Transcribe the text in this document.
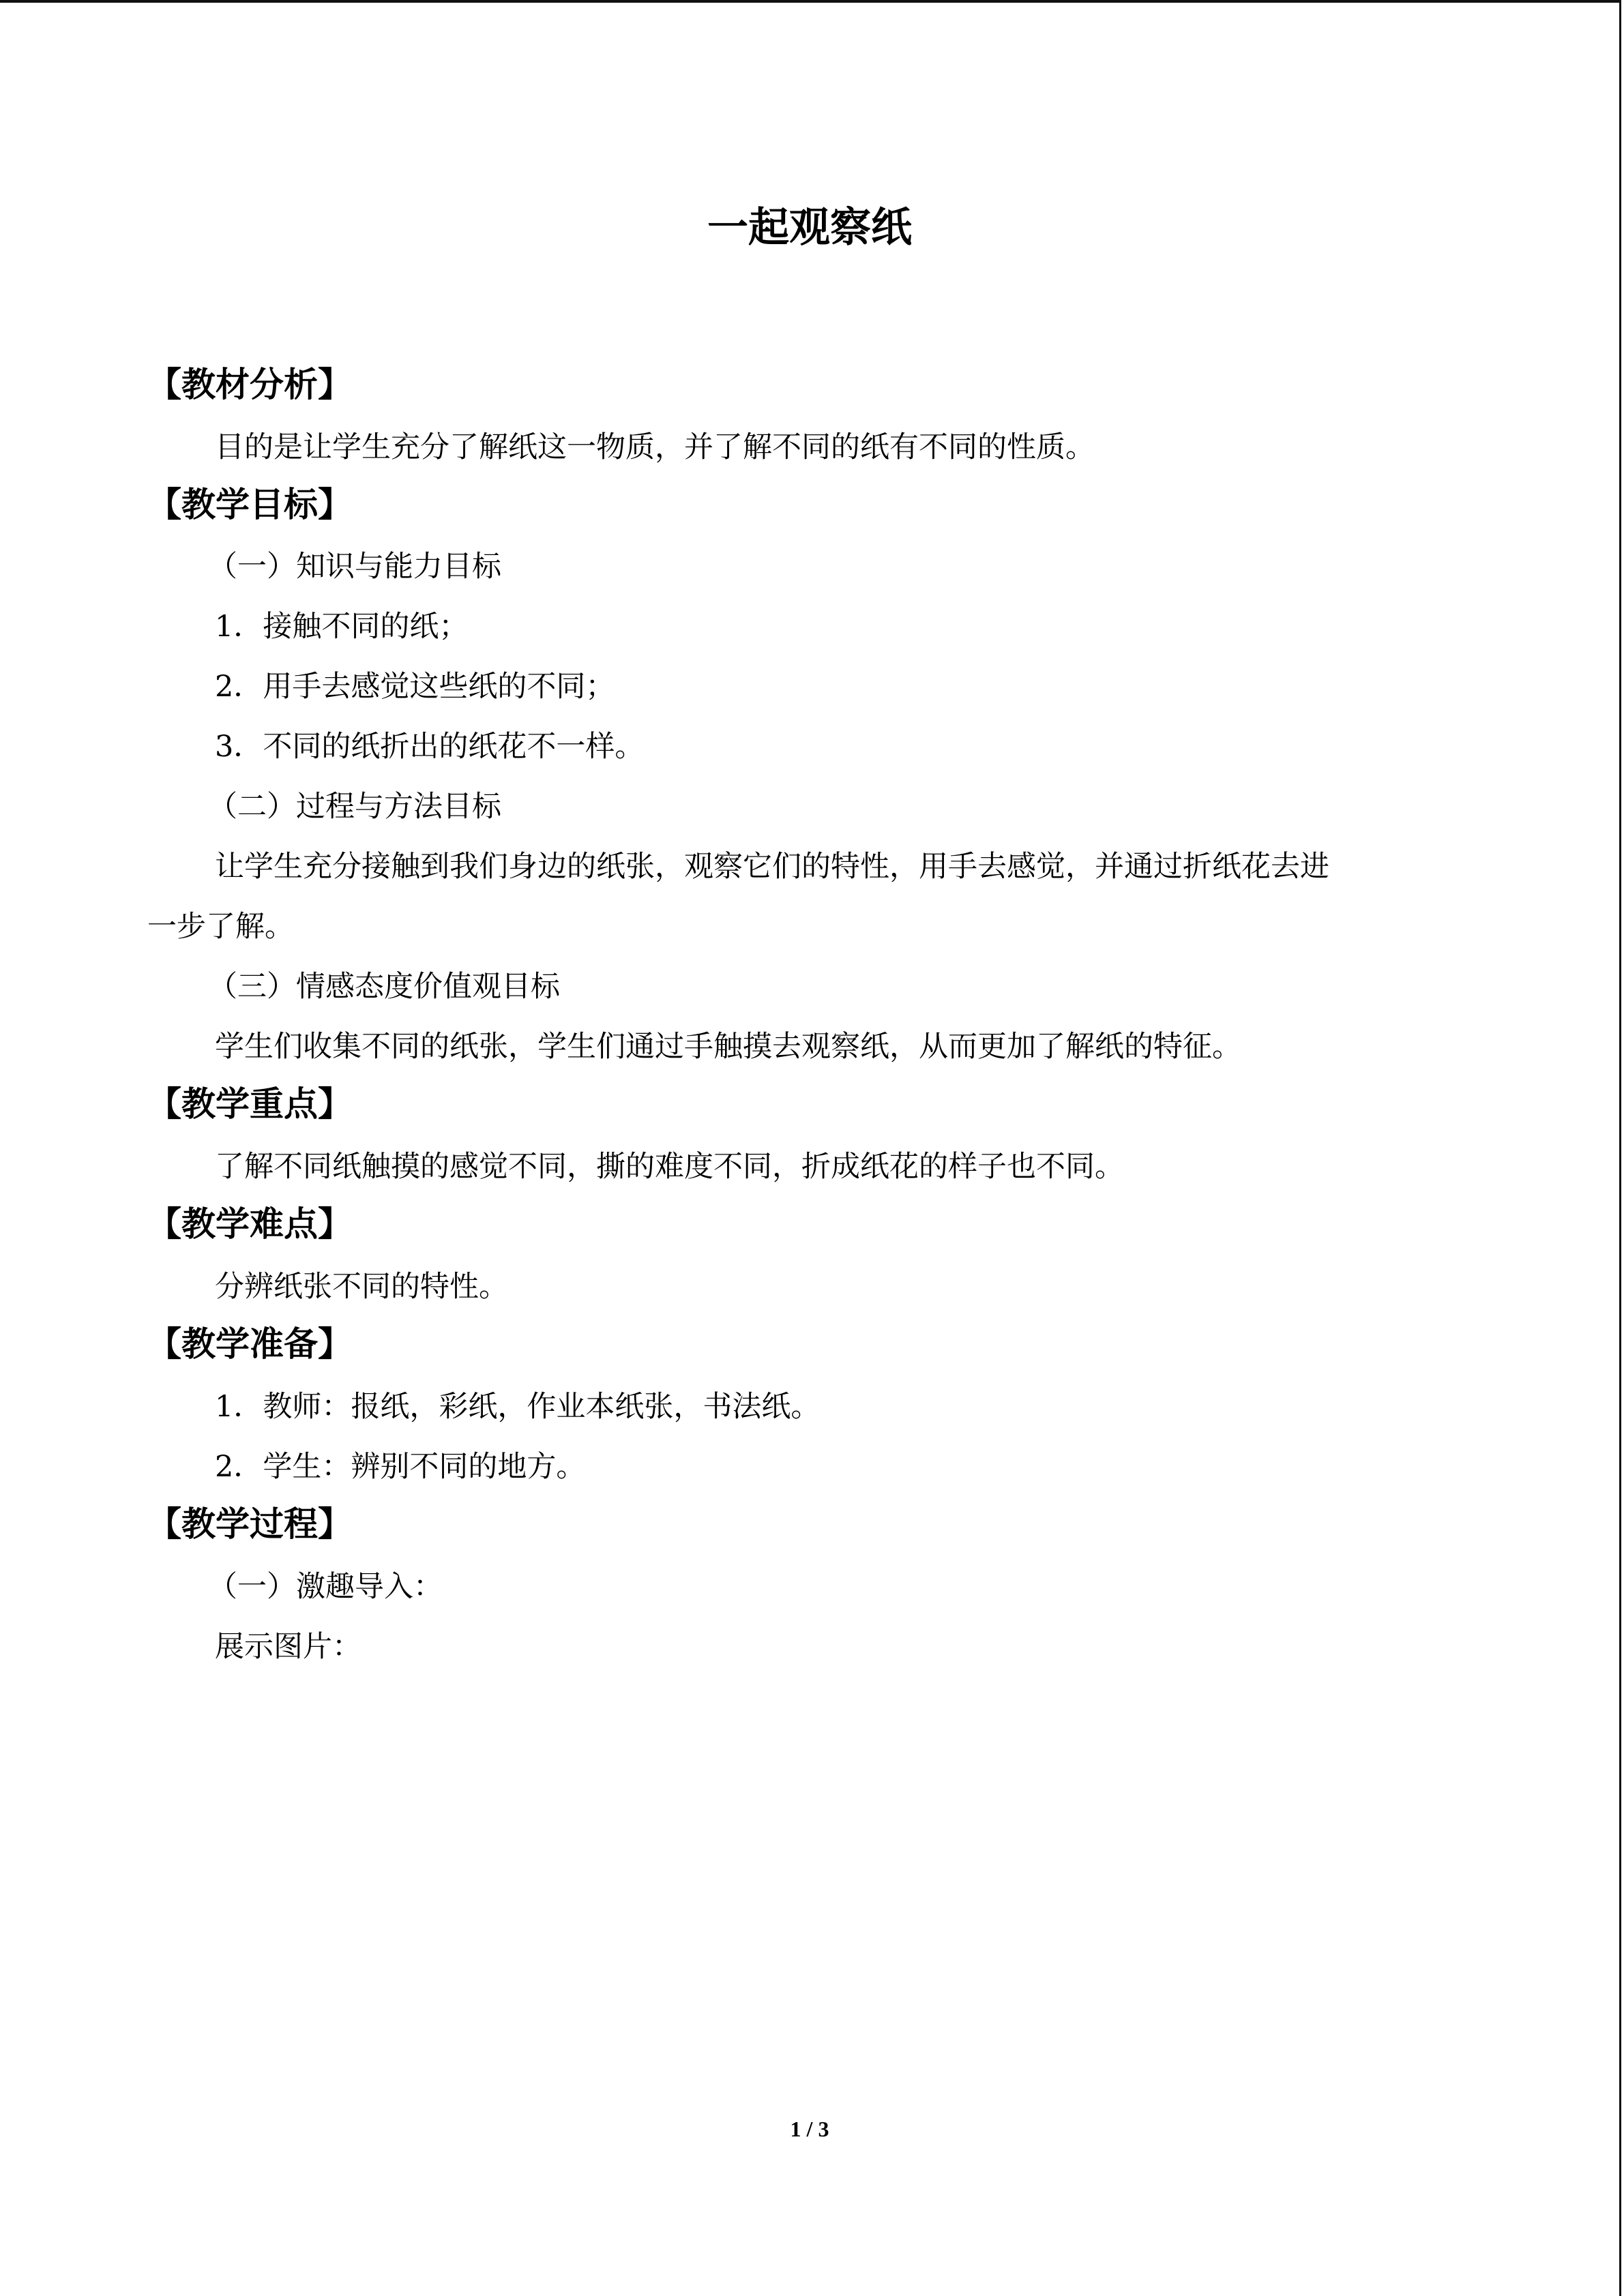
一起观察纸
【教材分析】
目的是让学生充分了解纸这一物质，并了解不同的纸有不同的性质。
【教学目标】
（一）知识与能力目标
1．接触不同的纸；
2．用手去感觉这些纸的不同；
3．不同的纸折出的纸花不一样。
（二）过程与方法目标
让学生充分接触到我们身边的纸张，观察它们的特性，用手去感觉，并通过折纸花去进
一步了解。
（三）情感态度价值观目标
学生们收集不同的纸张，学生们通过手触摸去观察纸，从而更加了解纸的特征。
【教学重点】
了解不同纸触摸的感觉不同，撕的难度不同，折成纸花的样子也不同。
【教学难点】
分辨纸张不同的特性。
【教学准备】
1．教师：报纸，彩纸，作业本纸张，书法纸。
2．学生：辨别不同的地方。
【教学过程】
（一）激趣导入：
展示图片：
1 / 3
